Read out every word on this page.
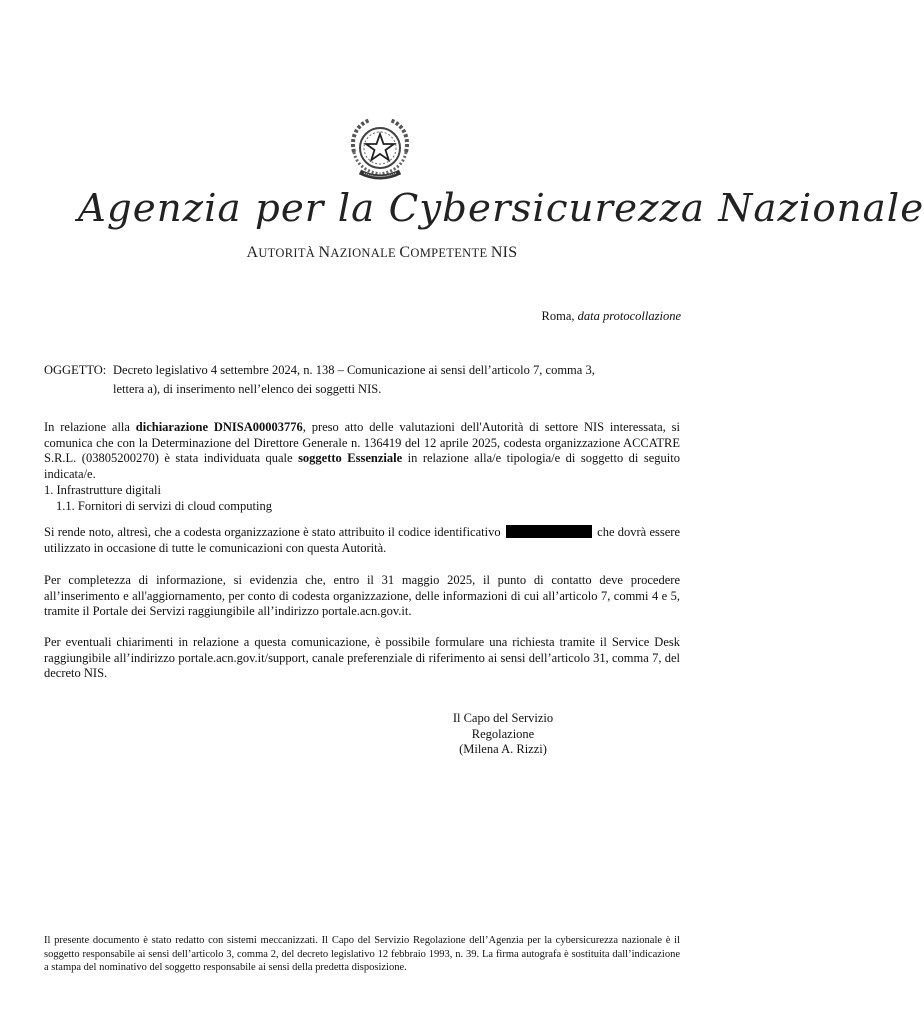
Agenzia per la Cybersicurezza Nazionale
AUTORITÀ NAZIONALE COMPETENTE NIS
Roma, data protocollazione
OGGETTO: Decreto legislativo 4 settembre 2024, n. 138 – Comunicazione ai sensi dell’articolo 7, comma 3,
lettera a), di inserimento nell’elenco dei soggetti NIS.
In relazione alla dichiarazione DNISA00003776, preso atto delle valutazioni dell'Autorità di settore NIS interessata, si comunica che con la Determinazione del Direttore Generale n. 136419 del 12 aprile 2025, codesta organizzazione ACCATRE S.R.L. (03805200270) è stata individuata quale soggetto Essenziale in relazione alla/e tipologia/e di soggetto di seguito indicata/e.
1. Infrastrutture digitali
1.1. Fornitori di servizi di cloud computing
Si rende noto, altresì, che a codesta organizzazione è stato attribuito il codice identificativo	che dovrà essere utilizzato in occasione di tutte le comunicazioni con questa Autorità.
Per completezza di informazione, si evidenzia che, entro il 31 maggio 2025, il punto di contatto deve procedere all’inserimento e all'aggiornamento, per conto di codesta organizzazione, delle informazioni di cui all’articolo 7, commi 4 e 5, tramite il Portale dei Servizi raggiungibile all’indirizzo portale.acn.gov.it.
Per eventuali chiarimenti in relazione a questa comunicazione, è possibile formulare una richiesta tramite il Service Desk raggiungibile all’indirizzo portale.acn.gov.it/support, canale preferenziale di riferimento ai sensi dell’articolo 31, comma 7, del decreto NIS.
Il Capo del Servizio
Regolazione
(Milena A. Rizzi)
Il presente documento è stato redatto con sistemi meccanizzati. Il Capo del Servizio Regolazione dell’Agenzia per la cybersicurezza nazionale è il soggetto responsabile ai sensi dell’articolo 3, comma 2, del decreto legislativo 12 febbraio 1993, n. 39. La firma autografa è sostituita dall’indicazione a stampa del nominativo del soggetto responsabile ai sensi della predetta disposizione.
